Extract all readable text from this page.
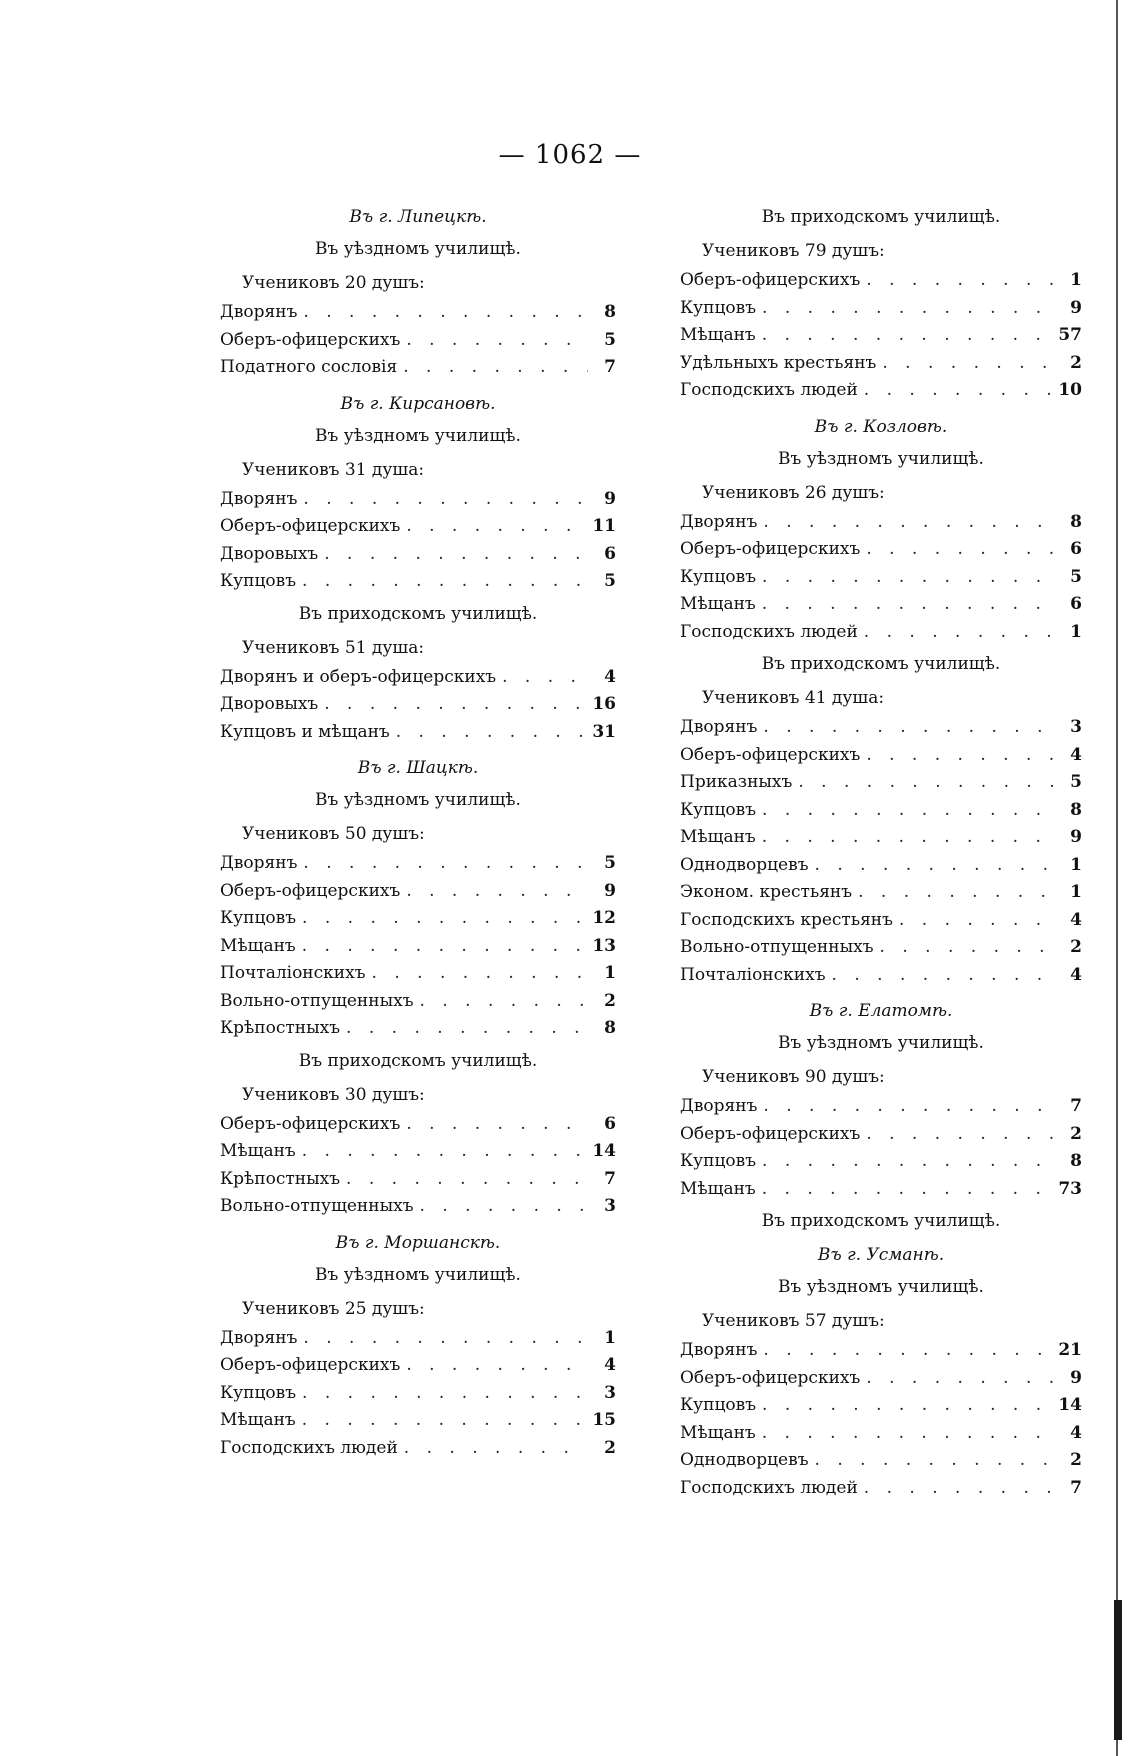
— 1062 —
Въ г. Липецкѣ.
Въ уѣздномъ училищѣ.
Учениковъ 20 душъ:
Дворянъ . . .	8
Оберъ-офицерскихъ . . .	5
Податного сословія . . .	7
Въ г. Кирсановѣ.
Въ уѣздномъ училищѣ.
Учениковъ 31 душа:
Дворянъ . . .	9
Оберъ-офицерскихъ . . .	11
Дворовыхъ . . .	6
Купцовъ . . .	5
Въ приходскомъ училищѣ.
Учениковъ 51 душа:
Дворянъ и оберъ-офицерскихъ . . .	4
Дворовыхъ . . .	16
Купцовъ и мѣщанъ . . .	31
Въ г. Шацкѣ.
Въ уѣздномъ училищѣ.
Учениковъ 50 душъ:
Дворянъ . . .	5
Оберъ-офицерскихъ . . .	9
Купцовъ . . .	12
Мѣщанъ . . .	13
Почталіонскихъ . . .	1
Вольно-отпущенныхъ . . .	2
Крѣпостныхъ . . .	8
Въ приходскомъ училищѣ.
Учениковъ 30 душъ:
Оберъ-офицерскихъ . . .	6
Мѣщанъ . . .	14
Крѣпостныхъ . . .	7
Вольно-отпущенныхъ . . .	3
Въ г. Моршанскѣ.
Въ уѣздномъ училищѣ.
Учениковъ 25 душъ:
Дворянъ . . .	1
Оберъ-офицерскихъ . . .	4
Купцовъ . . .	3
Мѣщанъ . . .	15
Господскихъ людей . . .	2
Въ приходскомъ училищѣ.
Учениковъ 79 душъ:
Оберъ-офицерскихъ . . .	1
Купцовъ . . .	9
Мѣщанъ . . .	57
Удѣльныхъ крестьянъ . . .	2
Господскихъ людей . . .	10
Въ г. Козловѣ.
Въ уѣздномъ училищѣ.
Учениковъ 26 душъ:
Дворянъ . . .	8
Оберъ-офицерскихъ . . .	6
Купцовъ . . .	5
Мѣщанъ . . .	6
Господскихъ людей . . .	1
Въ приходскомъ училищѣ.
Учениковъ 41 душа:
Дворянъ . . .	3
Оберъ-офицерскихъ . . .	4
Приказныхъ . . .	5
Купцовъ . . .	8
Мѣщанъ . . .	9
Однодворцевъ . . .	1
Эконом. крестьянъ . . .	1
Господскихъ крестьянъ . . .	4
Вольно-отпущенныхъ . . .	2
Почталіонскихъ . . .	4
Въ г. Елатомѣ.
Въ уѣздномъ училищѣ.
Учениковъ 90 душъ:
Дворянъ . . .	7
Оберъ-офицерскихъ . . .	2
Купцовъ . . .	8
Мѣщанъ . . .	73
Въ приходскомъ училищѣ.
Въ г. Усманѣ.
Въ уѣздномъ училищѣ.
Учениковъ 57 душъ:
Дворянъ . . .	21
Оберъ-офицерскихъ . . .	9
Купцовъ . . .	14
Мѣщанъ . . .	4
Однодворцевъ . . .	2
Господскихъ людей . . .	7
